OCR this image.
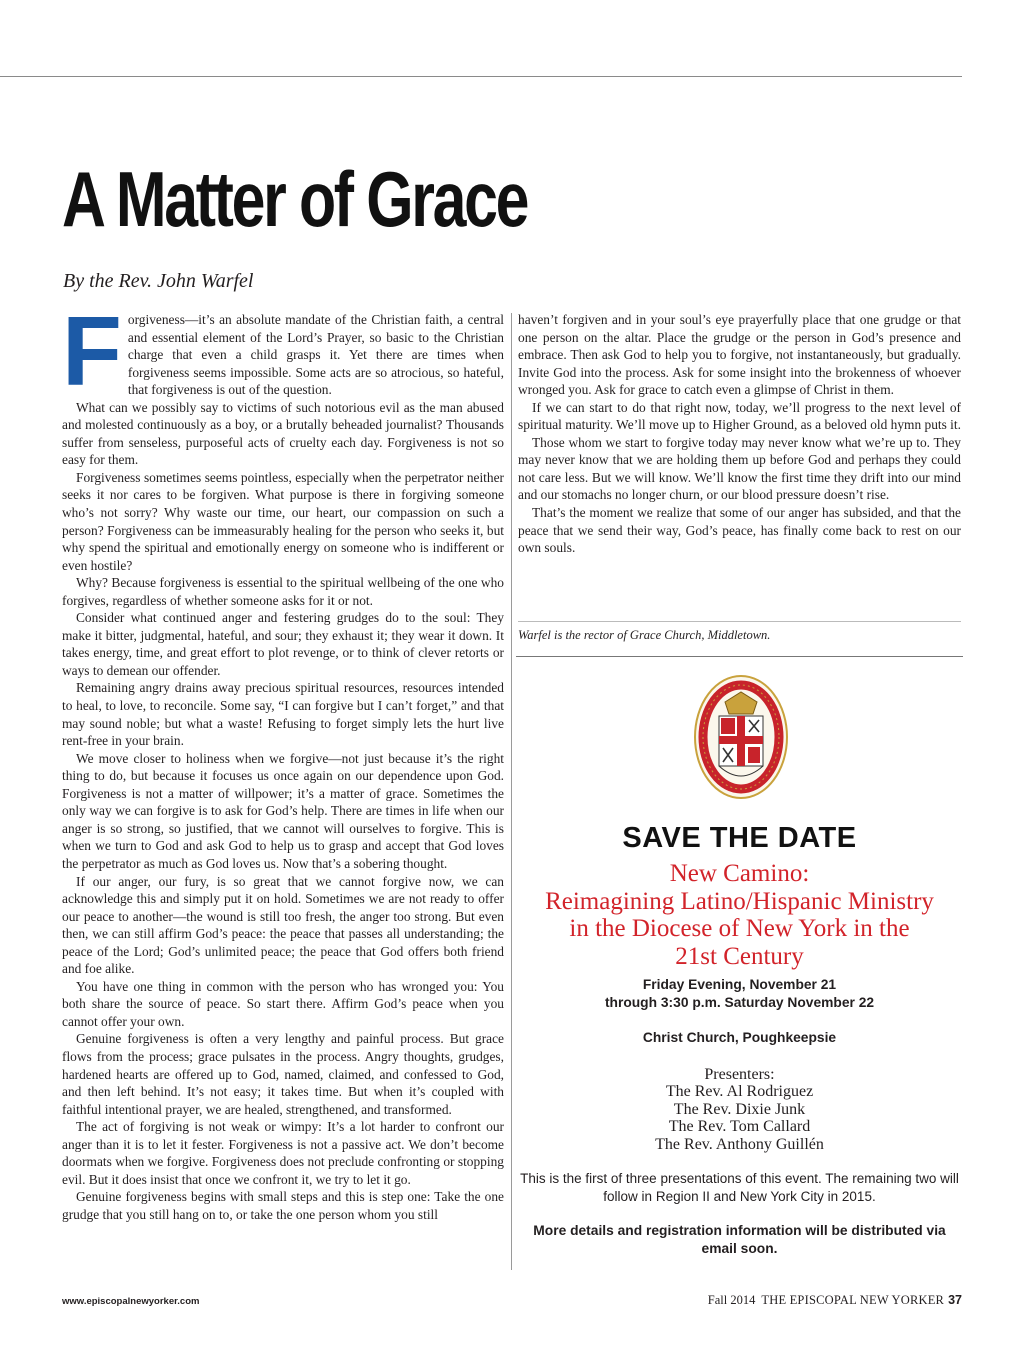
A Matter of Grace
By the Rev. John Warfel

Forgiveness—it’s an absolute mandate of the Christian faith, a central and essential element of the Lord’s Prayer, so basic to the Christian charge that even a child grasps it. Yet there are times when forgiveness seems impossible. Some acts are so atrocious, so hateful, that forgiveness is out of the question.

What can we possibly say to victims of such notorious evil as the man abused and molested continuously as a boy, or a brutally beheaded journalist? Thousands suffer from senseless, purposeful acts of cruelty each day. Forgiveness is not so easy for them.

Forgiveness sometimes seems pointless, especially when the perpetrator neither seeks it nor cares to be forgiven. What purpose is there in forgiving someone who’s not sorry? Why waste our time, our heart, our compassion on such a person? Forgiveness can be immeasurably healing for the person who seeks it, but why spend the spiritual and emotionally energy on someone who is indifferent or even hostile?

Why? Because forgiveness is essential to the spiritual wellbeing of the one who forgives, regardless of whether someone asks for it or not.

Consider what continued anger and festering grudges do to the soul: They make it bitter, judgmental, hateful, and sour; they exhaust it; they wear it down. It takes energy, time, and great effort to plot revenge, or to think of clever retorts or ways to demean our offender.

Remaining angry drains away precious spiritual resources, resources intended to heal, to love, to reconcile. Some say, “I can forgive but I can’t forget,” and that may sound noble; but what a waste! Refusing to forget simply lets the hurt live rent-free in your brain.

We move closer to holiness when we forgive—not just because it’s the right thing to do, but because it focuses us once again on our dependence upon God. Forgiveness is not a matter of willpower; it’s a matter of grace. Sometimes the only way we can forgive is to ask for God’s help. There are times in life when our anger is so strong, so justified, that we cannot will ourselves to forgive. This is when we turn to God and ask God to help us to grasp and accept that God loves the perpetrator as much as God loves us. Now that’s a sobering thought.

If our anger, our fury, is so great that we cannot forgive now, we can acknowledge this and simply put it on hold. Sometimes we are not ready to offer our peace to another—the wound is still too fresh, the anger too strong. But even then, we can still affirm God’s peace: the peace that passes all understanding; the peace of the Lord; God’s unlimited peace; the peace that God offers both friend and foe alike.

You have one thing in common with the person who has wronged you: You both share the source of peace. So start there. Affirm God’s peace when you cannot offer your own.

Genuine forgiveness is often a very lengthy and painful process. But grace flows from the process; grace pulsates in the process. Angry thoughts, grudges, hardened hearts are offered up to God, named, claimed, and confessed to God, and then left behind. It’s not easy; it takes time. But when it’s coupled with faithful intentional prayer, we are healed, strengthened, and transformed.

The act of forgiving is not weak or wimpy: It’s a lot harder to confront our anger than it is to let it fester. Forgiveness is not a passive act. We don’t become doormats when we forgive. Forgiveness does not preclude confronting or stopping evil. But it does insist that once we confront it, we try to let it go.

Genuine forgiveness begins with small steps and this is step one: Take the one grudge that you still hang on to, or take the one person whom you still

haven’t forgiven and in your soul’s eye prayerfully place that one grudge or that one person on the altar. Place the grudge or the person in God’s presence and embrace. Then ask God to help you to forgive, not instantaneously, but gradually. Invite God into the process. Ask for some insight into the brokenness of whoever wronged you. Ask for grace to catch even a glimpse of Christ in them.

If we can start to do that right now, today, we’ll progress to the next level of spiritual maturity. We’ll move up to Higher Ground, as a beloved old hymn puts it.

Those whom we start to forgive today may never know what we’re up to. They may never know that we are holding them up before God and perhaps they could not care less. But we will know. We’ll know the first time they drift into our mind and our stomachs no longer churn, or our blood pressure doesn’t rise.

That’s the moment we realize that some of our anger has subsided, and that the peace that we send their way, God’s peace, has finally come back to rest on our own souls.

Warfel is the rector of Grace Church, Middletown.
SAVE THE DATE
New Camino:
Reimagining Latino/Hispanic Ministry
in the Diocese of New York in the
21st Century
Friday Evening, November 21
through 3:30 p.m. Saturday November 22
Christ Church, Poughkeepsie
Presenters:
The Rev. Al Rodriguez
The Rev. Dixie Junk
The Rev. Tom Callard
The Rev. Anthony Guillén
This is the first of three presentations of this event. The remaining two will follow in Region II and New York City in 2015.
More details and registration information will be distributed via email soon.
www.episcopalnewyorker.com	Fall 2014 THE EPISCOPAL NEW YORKER 37
